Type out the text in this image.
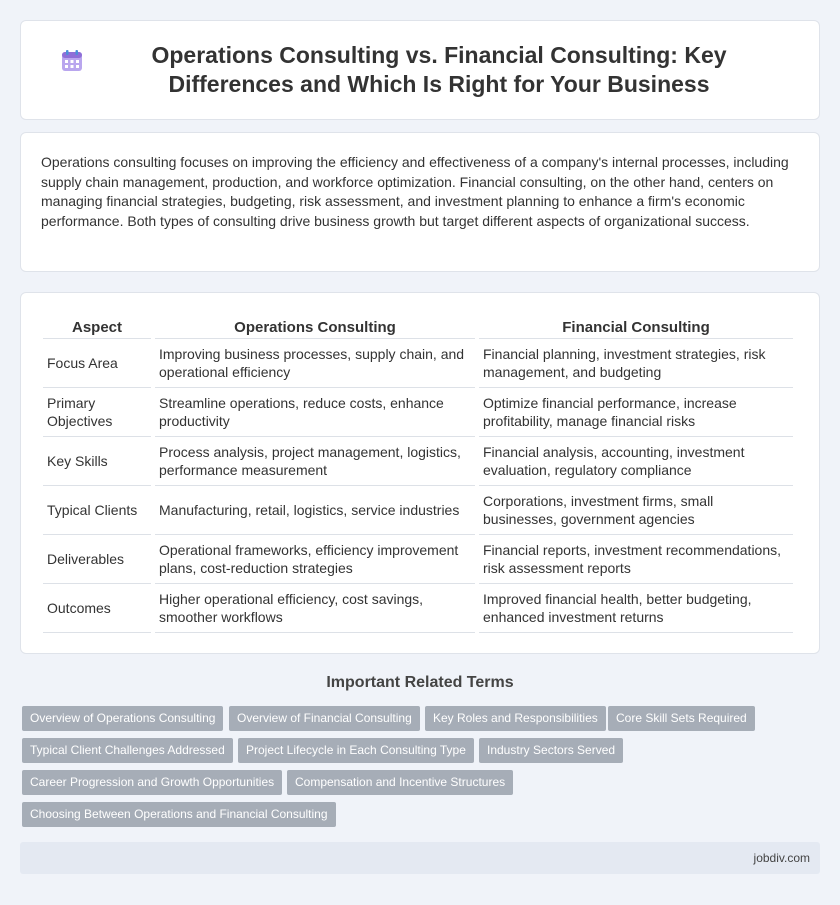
Operations Consulting vs. Financial Consulting: Key Differences and Which Is Right for Your Business

Operations consulting focuses on improving the efficiency and effectiveness of a company's internal processes, including supply chain management, production, and workforce optimization. Financial consulting, on the other hand, centers on managing financial strategies, budgeting, risk assessment, and investment planning to enhance a firm's economic performance. Both types of consulting drive business growth but target different aspects of organizational success.

Aspect	Operations Consulting	Financial Consulting
Focus Area	Improving business processes, supply chain, and operational efficiency	Financial planning, investment strategies, risk management, and budgeting
Primary Objectives	Streamline operations, reduce costs, enhance productivity	Optimize financial performance, increase profitability, manage financial risks
Key Skills	Process analysis, project management, logistics, performance measurement	Financial analysis, accounting, investment evaluation, regulatory compliance
Typical Clients	Manufacturing, retail, logistics, service industries	Corporations, investment firms, small businesses, government agencies
Deliverables	Operational frameworks, efficiency improvement plans, cost-reduction strategies	Financial reports, investment recommendations, risk assessment reports
Outcomes	Higher operational efficiency, cost savings, smoother workflows	Improved financial health, better budgeting, enhanced investment returns
Important Related Terms
Overview of Operations Consulting	Overview of Financial Consulting	Key Roles and Responsibilities	Core Skill Sets Required
Typical Client Challenges Addressed	Project Lifecycle in Each Consulting Type	Industry Sectors Served
Career Progression and Growth Opportunities	Compensation and Incentive Structures
Choosing Between Operations and Financial Consulting
jobdiv.com
